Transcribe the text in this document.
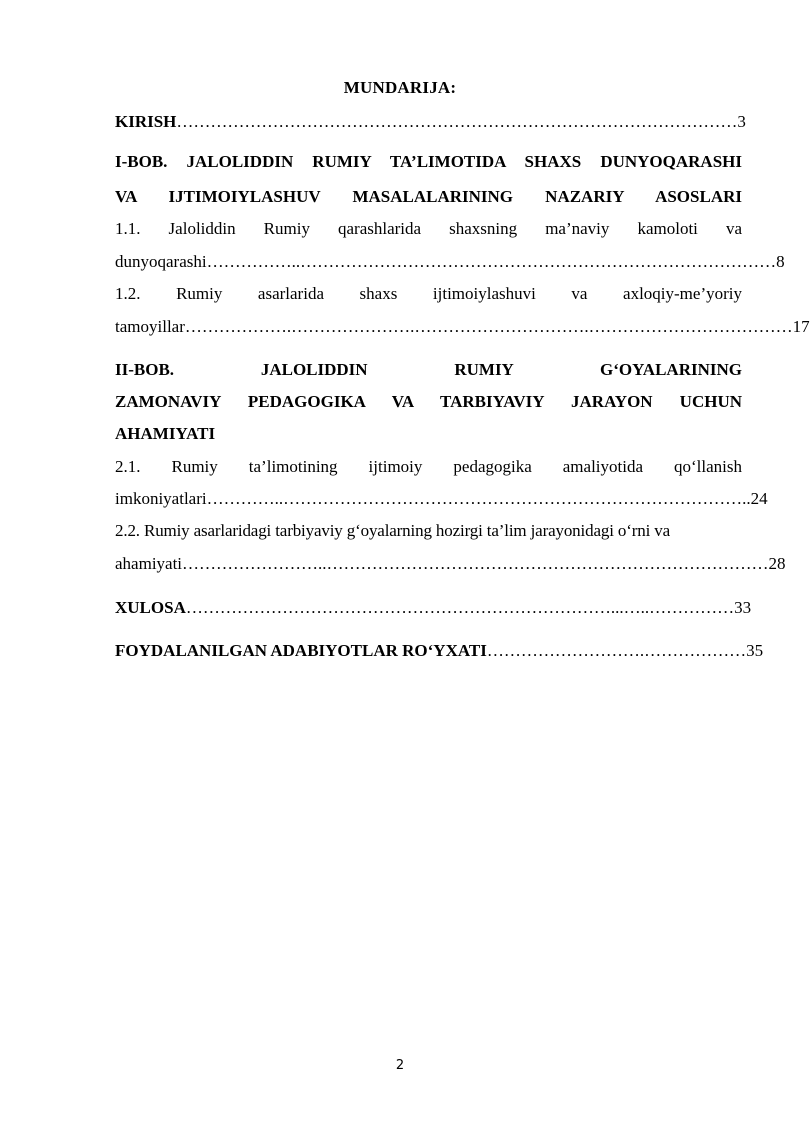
MUNDARIJA:
KIRISH ……………………………………………………………………………………… 3
I-BOB. JALOLIDDIN RUMIY TA’LIMOTIDA SHAXS DUNYOQARASHI
VA IJTIMOIYLASHUV MASALALARINING NAZARIY ASOSLARI
1.1. Jaloliddin Rumiy qarashlarida shaxsning ma’naviy kamoloti va
dunyoqarashi ……………..………………………………………………………………………… 8
1.2. Rumiy asarlarida shaxs ijtimoiylashuvi va axloqiy-me’yoriy
tamoyillar ……………….………………….………………………….……………………………… 17
II-BOB. JALOLIDDIN RUMIY G‘OYALARINING
ZAMONAVIY PEDAGOGIKA VA TARBIYAVIY JARAYON UCHUN
AHAMIYATI
2.1. Rumiy ta’limotining ijtimoiy pedagogika amaliyotida qo‘llanish
imkoniyatlari …………..……………………………………………………………………….. 24
2.2. Rumiy asarlaridagi tarbiyaviy g‘oyalarning hozirgi ta’lim jarayonidagi o‘rni va
ahamiyati ……………………..…………………………………………………………………… 28
XULOSA …………………………………………………………………...…..…………… 33
FOYDALANILGAN ADABIYOTLAR RO‘YXATI ……………………….……………… 35
2
